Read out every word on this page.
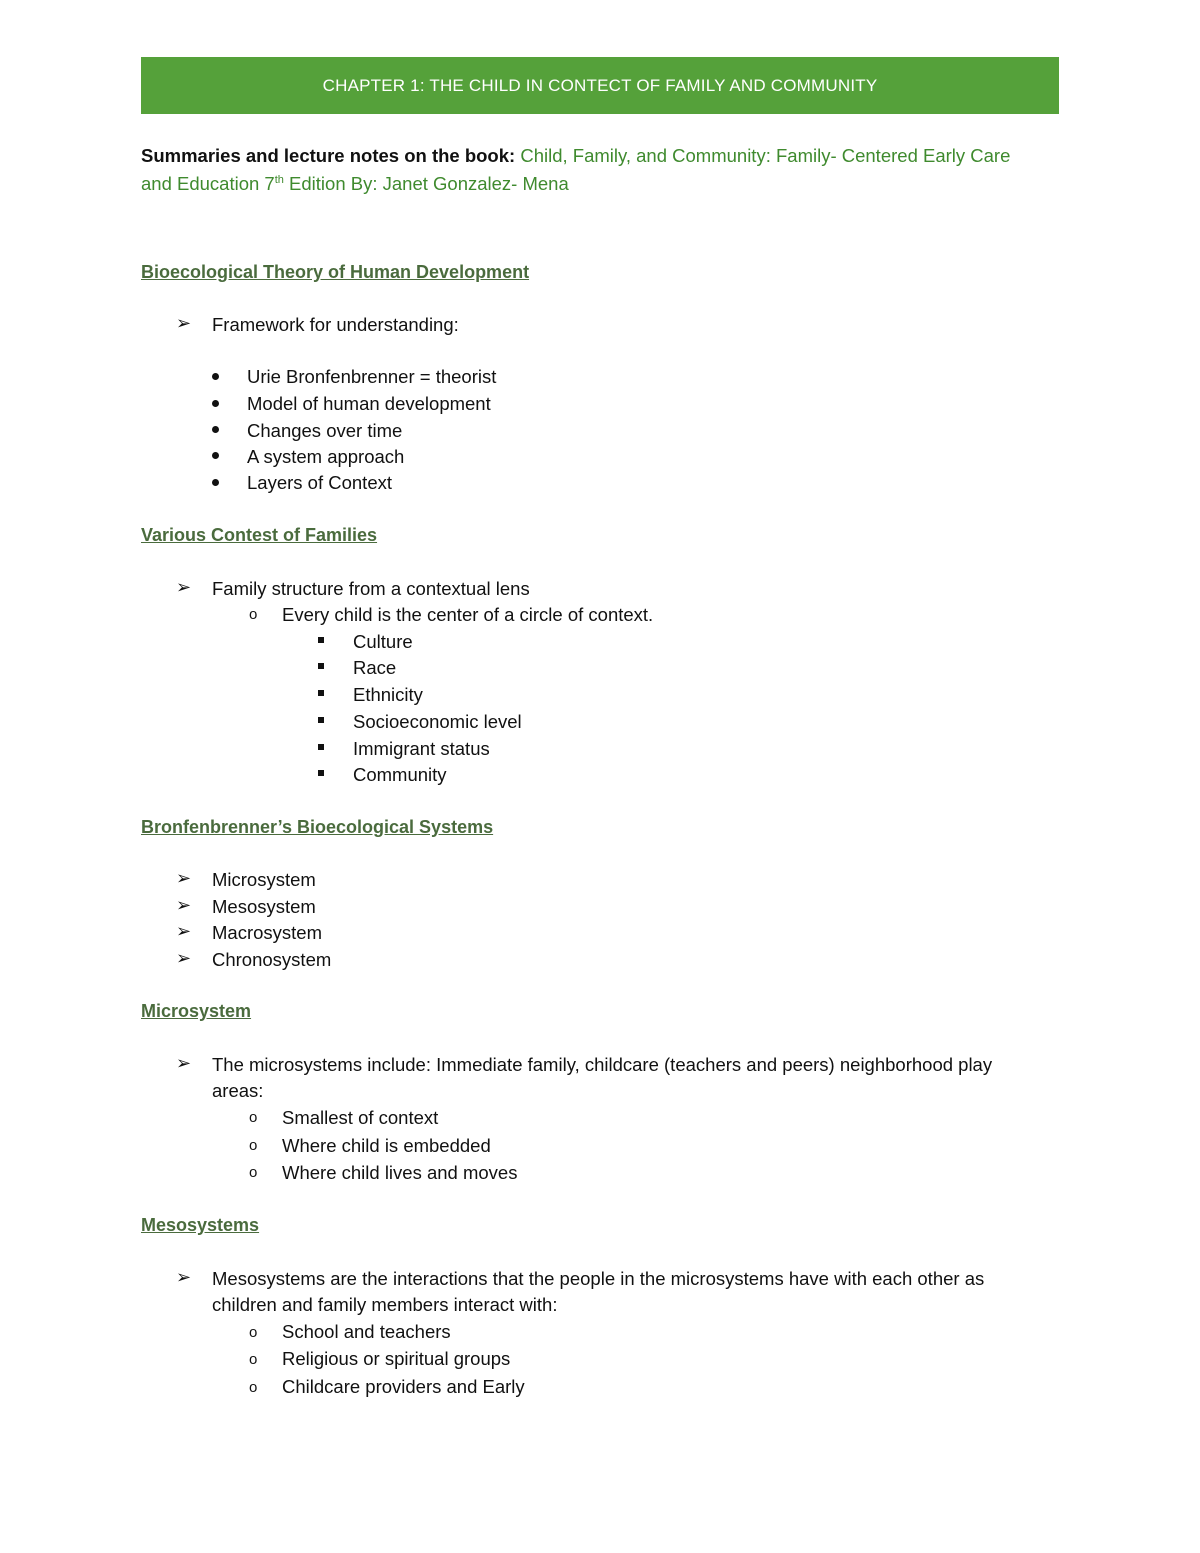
CHAPTER 1: THE CHILD IN CONTECT OF FAMILY AND COMMUNITY
Summaries and lecture notes on the book: Child, Family, and Community: Family- Centered Early Care
and Education 7th Edition By: Janet Gonzalez- Mena
Bioecological Theory of Human Development
➢ Framework for understanding:
Urie Bronfenbrenner = theorist
Model of human development
Changes over time
A system approach
Layers of Context
Various Contest of Families
➢ Family structure from a contextual lens
o Every child is the center of a circle of context.
Culture
Race
Ethnicity
Socioeconomic level
Immigrant status
Community
Bronfenbrenner’s Bioecological Systems
➢ Microsystem
➢ Mesosystem
➢ Macrosystem
➢ Chronosystem
Microsystem
➢ The microsystems include: Immediate family, childcare (teachers and peers) neighborhood play
areas:
o Smallest of context
o Where child is embedded
o Where child lives and moves
Mesosystems
➢ Mesosystems are the interactions that the people in the microsystems have with each other as
children and family members interact with:
o School and teachers
o Religious or spiritual groups
o Childcare providers and Early
